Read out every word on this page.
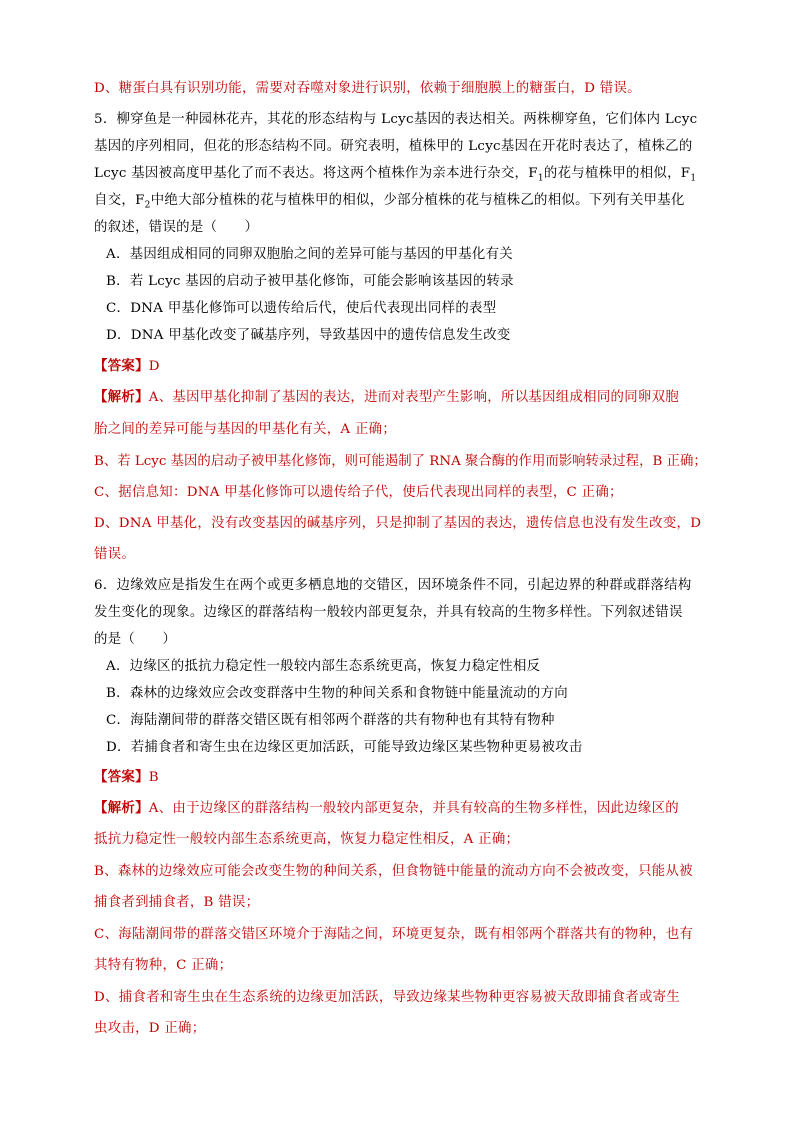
D、糖蛋白具有识别功能，需要对吞噬对象进行识别，依赖于细胞膜上的糖蛋白，D 错误。
5．柳穿鱼是一种园林花卉，其花的形态结构与 Lcyc基因的表达相关。两株柳穿鱼，它们体内 Lcyc
基因的序列相同，但花的形态结构不同。研究表明，植株甲的 Lcyc基因在开花时表达了，植株乙的
Lcyc 基因被高度甲基化了而不表达。将这两个植株作为亲本进行杂交，$F_1$的花与植株甲的相似，$F_1$
自交，$F_2$中绝大部分植株的花与植株甲的相似，少部分植株的花与植株乙的相似。下列有关甲基化
的叙述，错误的是（　　）
A．基因组成相同的同卵双胞胎之间的差异可能与基因的甲基化有关
B．若 Lcyc 基因的启动子被甲基化修饰，可能会影响该基因的转录
C．DNA 甲基化修饰可以遗传给后代，使后代表现出同样的表型
D．DNA 甲基化改变了碱基序列，导致基因中的遗传信息发生改变
【答案】D
【解析】A、基因甲基化抑制了基因的表达，进而对表型产生影响，所以基因组成相同的同卵双胞
胎之间的差异可能与基因的甲基化有关，A 正确；
B、若 Lcyc 基因的启动子被甲基化修饰，则可能遏制了 RNA 聚合酶的作用而影响转录过程，B 正确；
C、据信息知：DNA 甲基化修饰可以遗传给子代，使后代表现出同样的表型，C 正确；
D、DNA 甲基化，没有改变基因的碱基序列，只是抑制了基因的表达，遗传信息也没有发生改变，D
错误。
6．边缘效应是指发生在两个或更多栖息地的交错区，因环境条件不同，引起边界的种群或群落结构
发生变化的现象。边缘区的群落结构一般较内部更复杂，并具有较高的生物多样性。下列叙述错误
的是（　　）
A．边缘区的抵抗力稳定性一般较内部生态系统更高，恢复力稳定性相反
B．森林的边缘效应会改变群落中生物的种间关系和食物链中能量流动的方向
C．海陆潮间带的群落交错区既有相邻两个群落的共有物种也有其特有物种
D．若捕食者和寄生虫在边缘区更加活跃，可能导致边缘区某些物种更易被攻击
【答案】B
【解析】A、由于边缘区的群落结构一般较内部更复杂，并具有较高的生物多样性，因此边缘区的
抵抗力稳定性一般较内部生态系统更高，恢复力稳定性相反，A 正确；
B、森林的边缘效应可能会改变生物的种间关系，但食物链中能量的流动方向不会被改变，只能从被
捕食者到捕食者，B 错误；
C、海陆潮间带的群落交错区环境介于海陆之间，环境更复杂，既有相邻两个群落共有的物种，也有
其特有物种，C 正确；
D、捕食者和寄生虫在生态系统的边缘更加活跃，导致边缘某些物种更容易被天敌即捕食者或寄生
虫攻击，D 正确；
